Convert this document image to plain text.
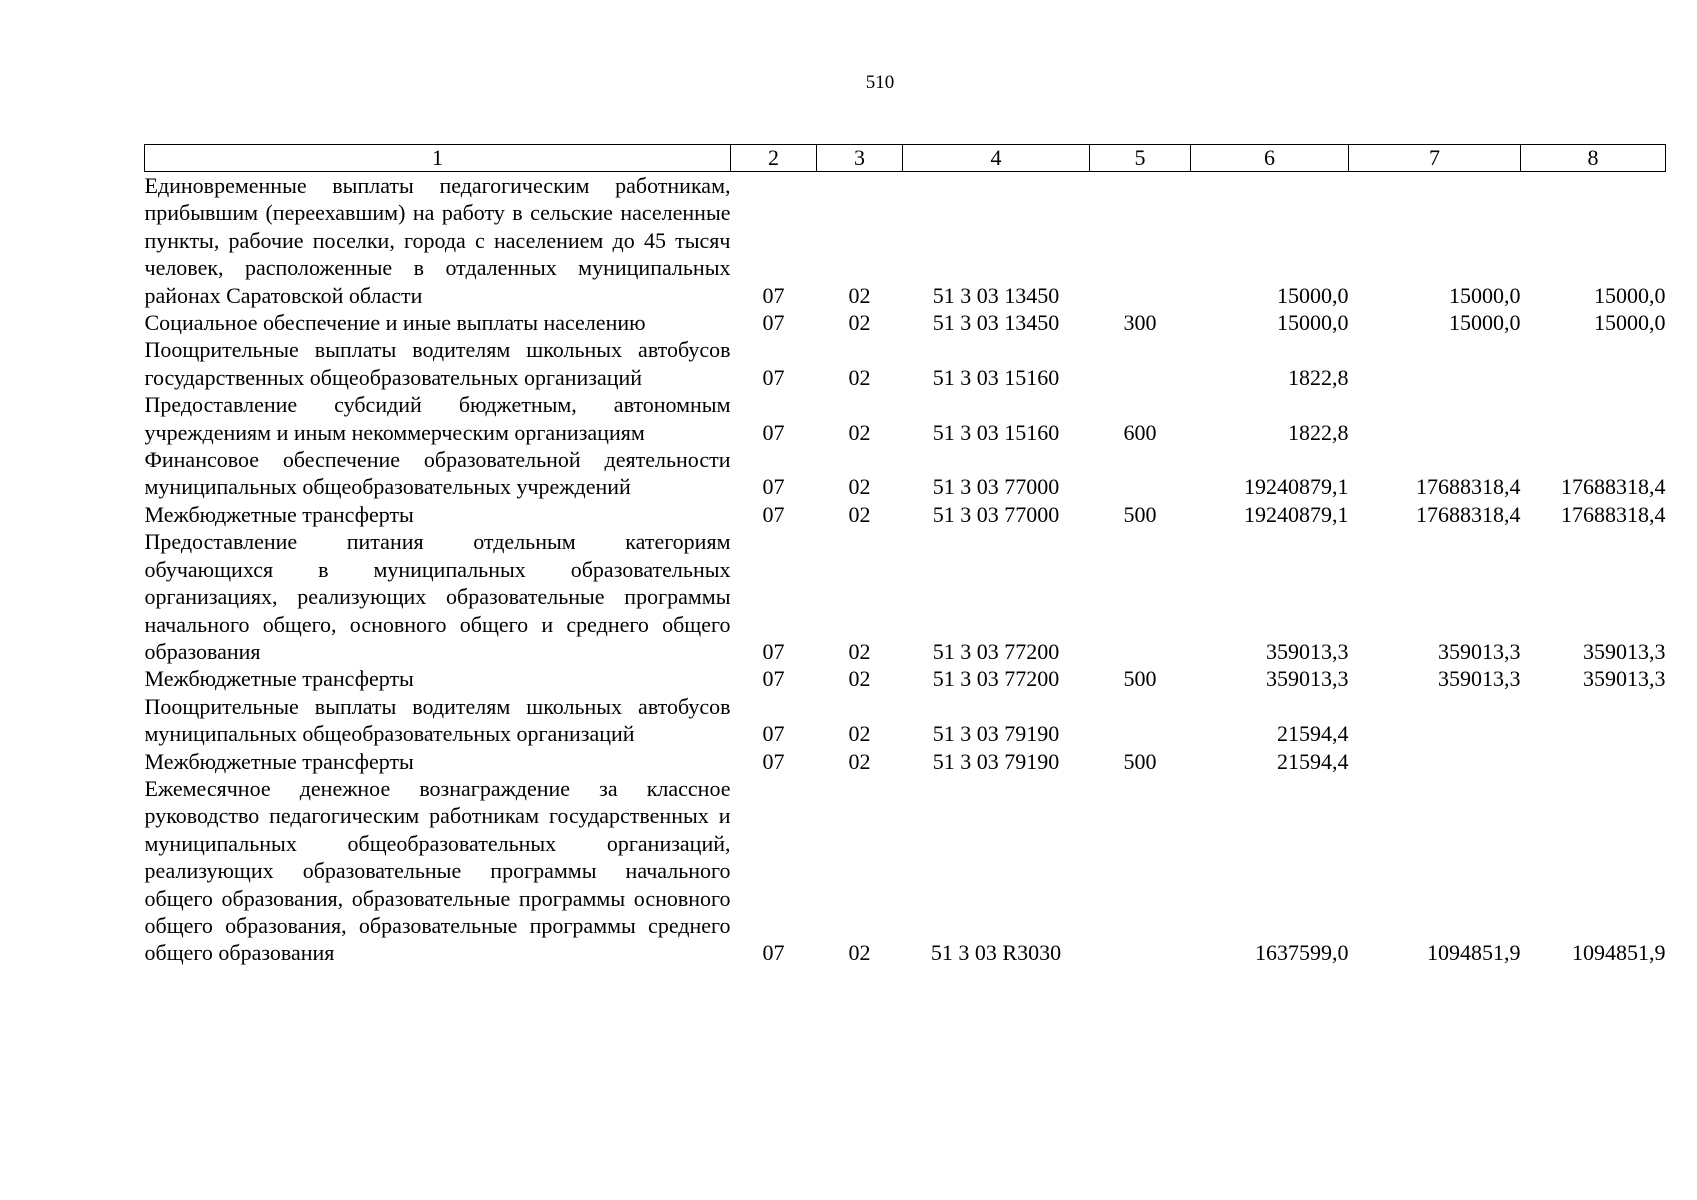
510
1	2	3	4	5	6	7	8
Единовременные выплаты педагогическим работникам, прибывшим (переехавшим) на работу в сельские населенные пункты, рабочие поселки, города с населением до 45 тысяч человек, расположенные в отдаленных муниципальных районах Саратовской области	07	02	51 3 03 13450		15000,0	15000,0	15000,0
Социальное обеспечение и иные выплаты населению	07	02	51 3 03 13450	300	15000,0	15000,0	15000,0
Поощрительные выплаты водителям школьных автобусов государственных общеобразовательных организаций	07	02	51 3 03 15160		1822,8		
Предоставление субсидий бюджетным, автономным учреждениям и иным некоммерческим организациям	07	02	51 3 03 15160	600	1822,8		
Финансовое обеспечение образовательной деятельности муниципальных общеобразовательных учреждений	07	02	51 3 03 77000		19240879,1	17688318,4	17688318,4
Межбюджетные трансферты	07	02	51 3 03 77000	500	19240879,1	17688318,4	17688318,4
Предоставление питания отдельным категориям обучающихся в муниципальных образовательных организациях, реализующих образовательные программы начального общего, основного общего и среднего общего образования	07	02	51 3 03 77200		359013,3	359013,3	359013,3
Межбюджетные трансферты	07	02	51 3 03 77200	500	359013,3	359013,3	359013,3
Поощрительные выплаты водителям школьных автобусов муниципальных общеобразовательных организаций	07	02	51 3 03 79190		21594,4		
Межбюджетные трансферты	07	02	51 3 03 79190	500	21594,4		
Ежемесячное денежное вознаграждение за классное руководство педагогическим работникам государственных и муниципальных общеобразовательных организаций, реализующих образовательные программы начального общего образования, образовательные программы основного общего образования, образовательные программы среднего общего образования	07	02	51 3 03 R3030		1637599,0	1094851,9	1094851,9
